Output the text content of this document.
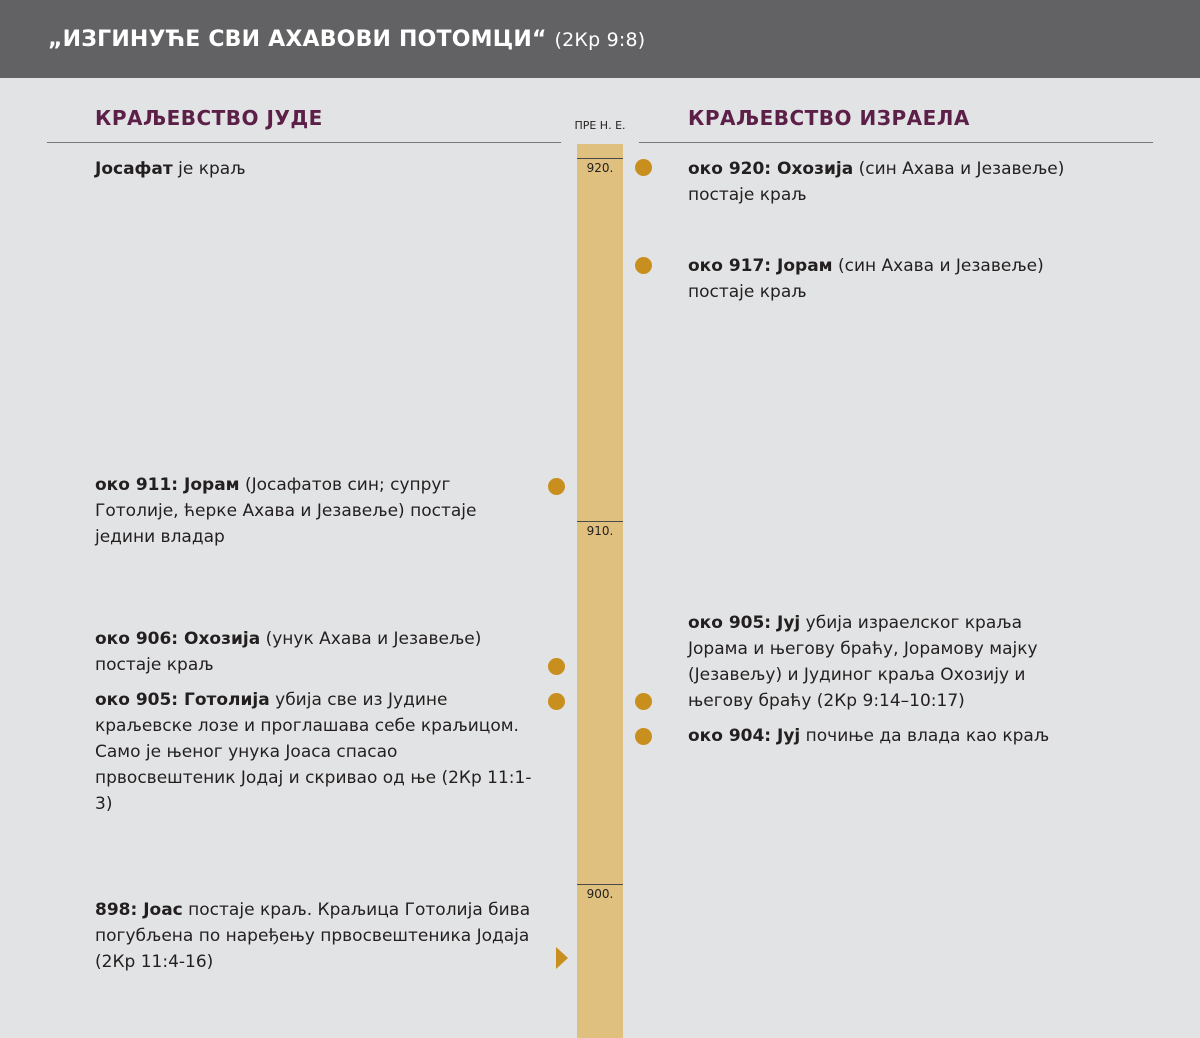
„ИЗГИНУЋЕ СВИ АХАВОВИ ПОТОМЦИ“ (2Кр 9:8)
КРАЉЕВСТВО ЈУДЕ	КРАЉЕВСТВО ИЗРАЕЛА
ПРЕ Н. Е.
920.
910.
900.
Јосафат је краљ
око 911: Јорам (Јосафатов син; супруг Готолије, ћерке Ахава и Језавеље) постаје једини владар
око 906: Охозија (унук Ахава и Језавеље) постаје краљ
око 905: Готолија убија све из Јудине краљевске лозе и проглашава себе краљицом. Само је њеног унука Јоаса спасао првосвештеник Јодај и скривао од ње (2Кр 11:1-3)
898: Јоас постаје краљ. Краљица Готолија бива погубљена по наређењу првосвештеника Јодаја (2Кр 11:4-16)
око 920: Охозија (син Ахава и Језавеље) постаје краљ
око 917: Јорам (син Ахава и Језавеље) постаје краљ
око 905: Јуј убија израелског краља Јорама и његову браћу, Јорамову мајку (Језавељу) и Јудиног краља Охозију и његову браћу (2Кр 9:14–10:17)
око 904: Јуј почиње да влада као краљ
